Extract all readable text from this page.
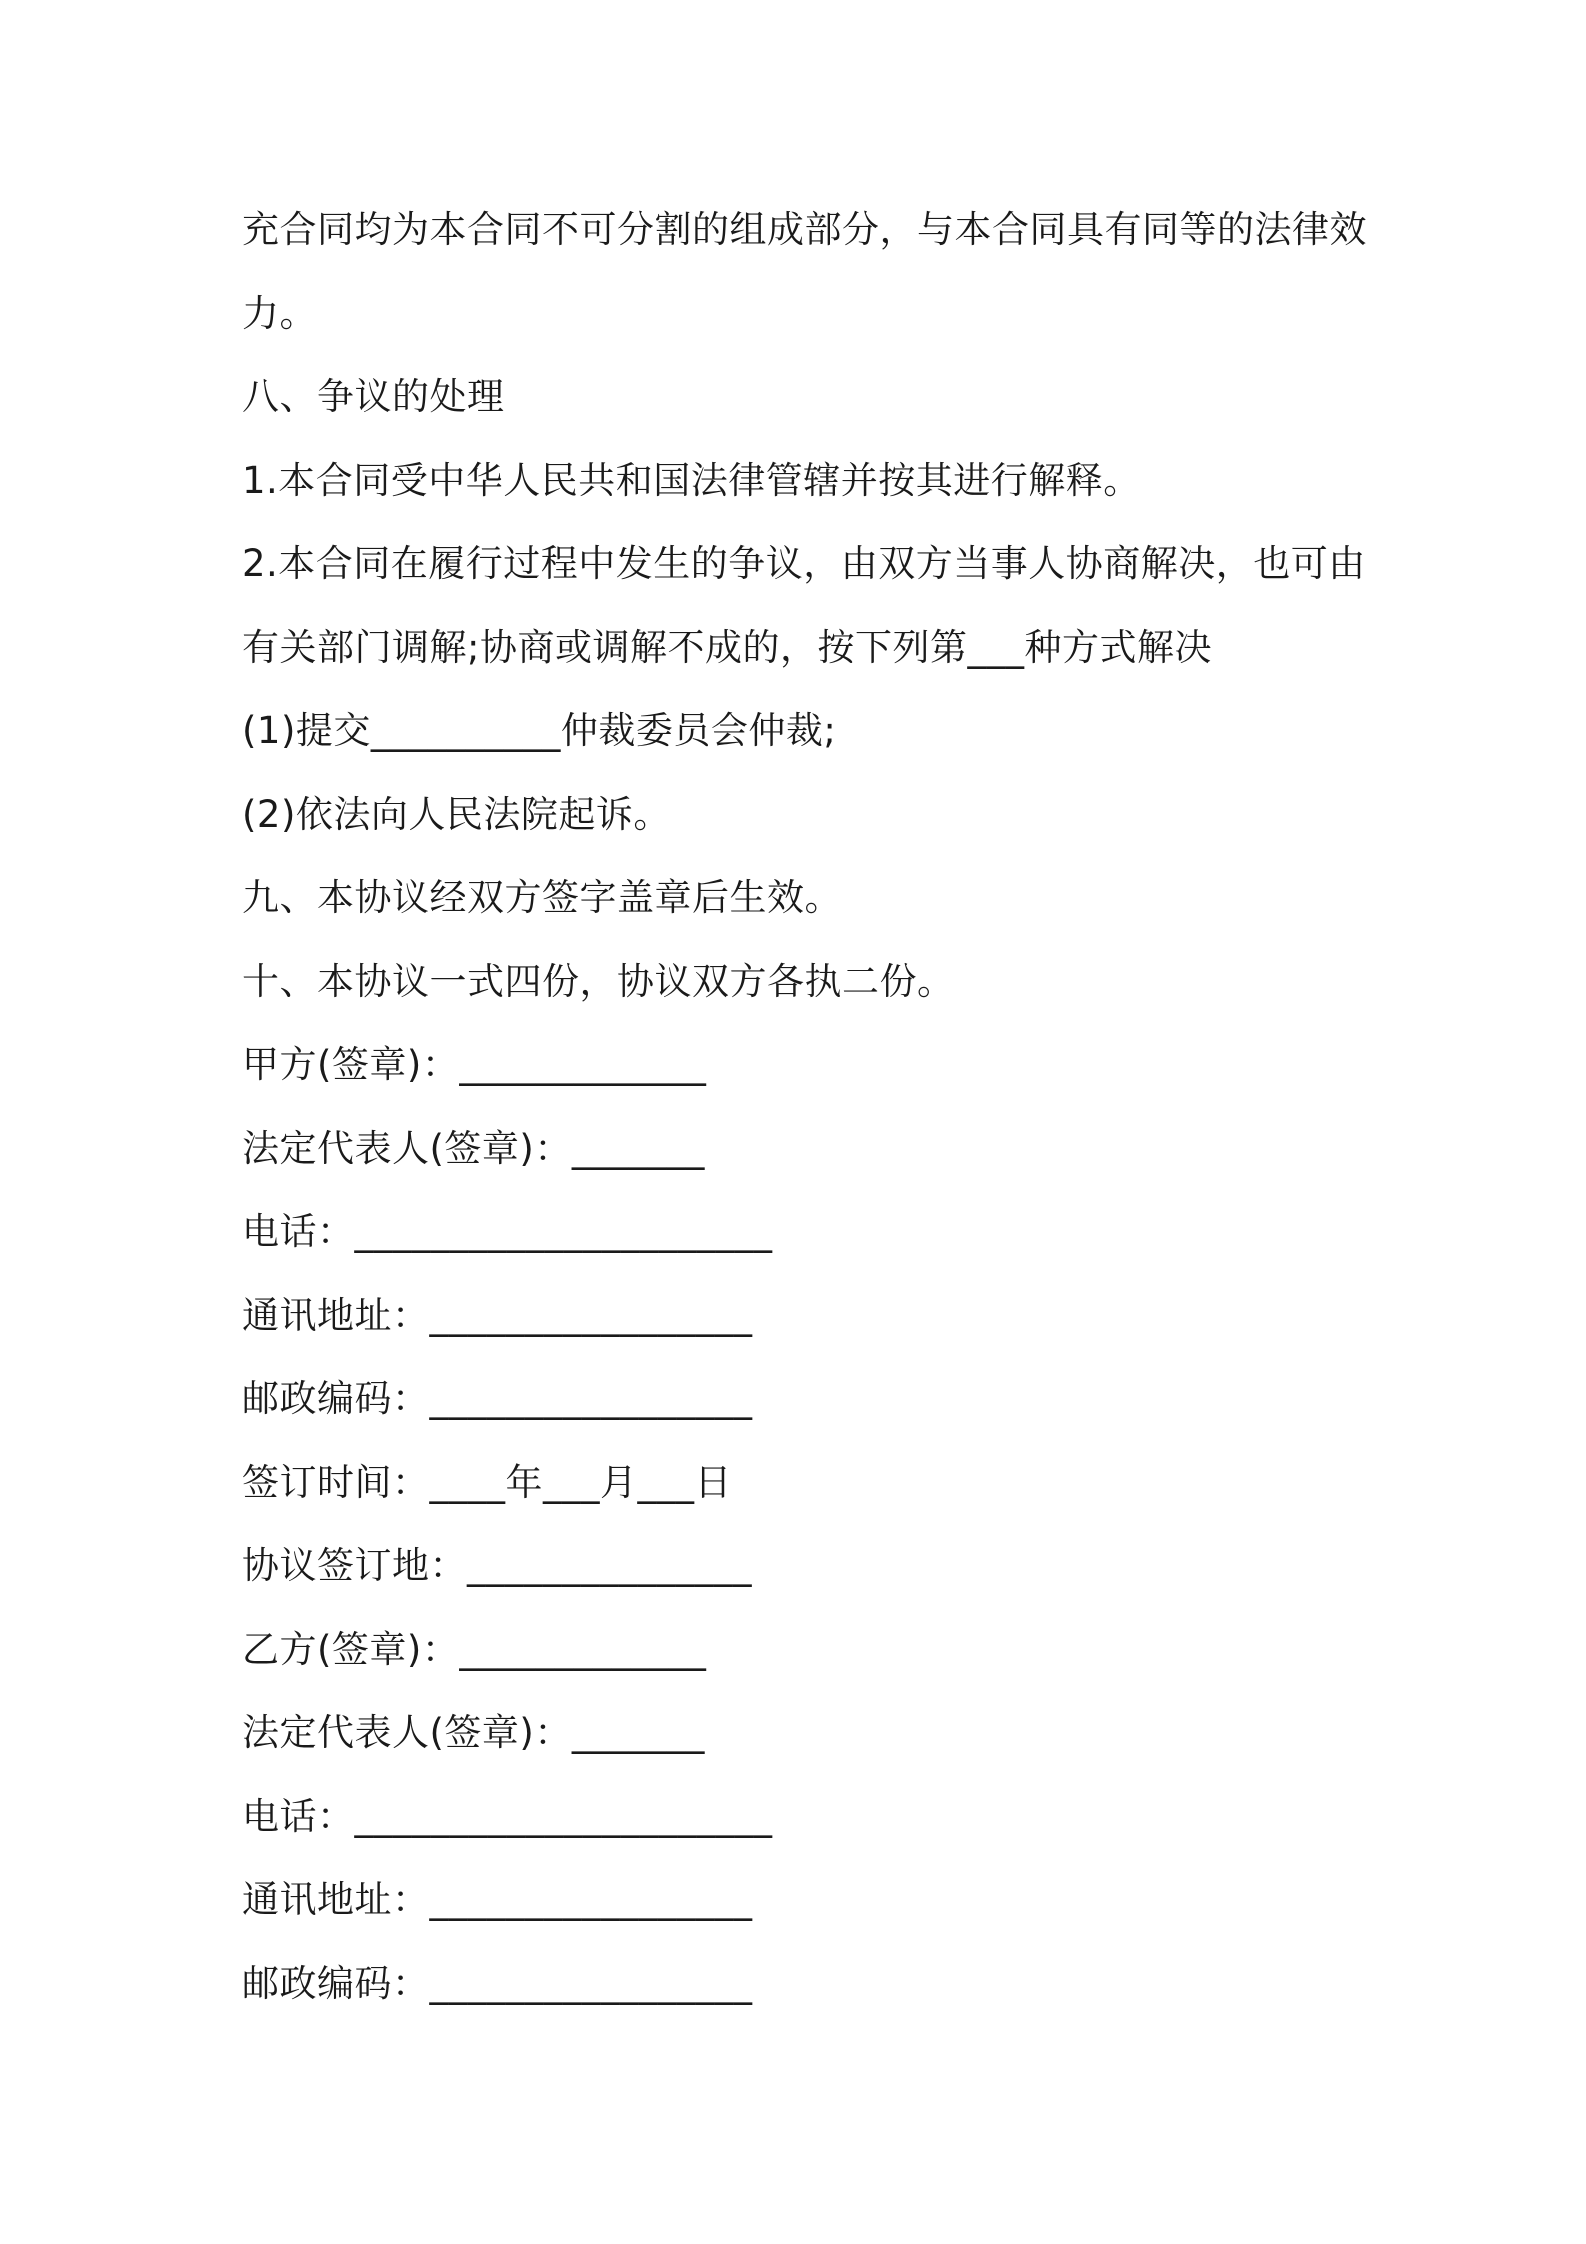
充合同均为本合同不可分割的组成部分，与本合同具有同等的法律效
力。
八、争议的处理
1.本合同受中华人民共和国法律管辖并按其进行解释。
2.本合同在履行过程中发生的争议，由双方当事人协商解决，也可由
有关部门调解;协商或调解不成的，按下列第___种方式解决
(1)提交__________仲裁委员会仲裁;
(2)依法向人民法院起诉。
九、本协议经双方签字盖章后生效。
十、本协议一式四份，协议双方各执二份。
甲方(签章)：_____________
法定代表人(签章)：_______
电话：______________________
通讯地址：_________________
邮政编码：_________________
签订时间：____年___月___日
协议签订地：_______________
乙方(签章)：_____________
法定代表人(签章)：_______
电话：______________________
通讯地址：_________________
邮政编码：_________________
